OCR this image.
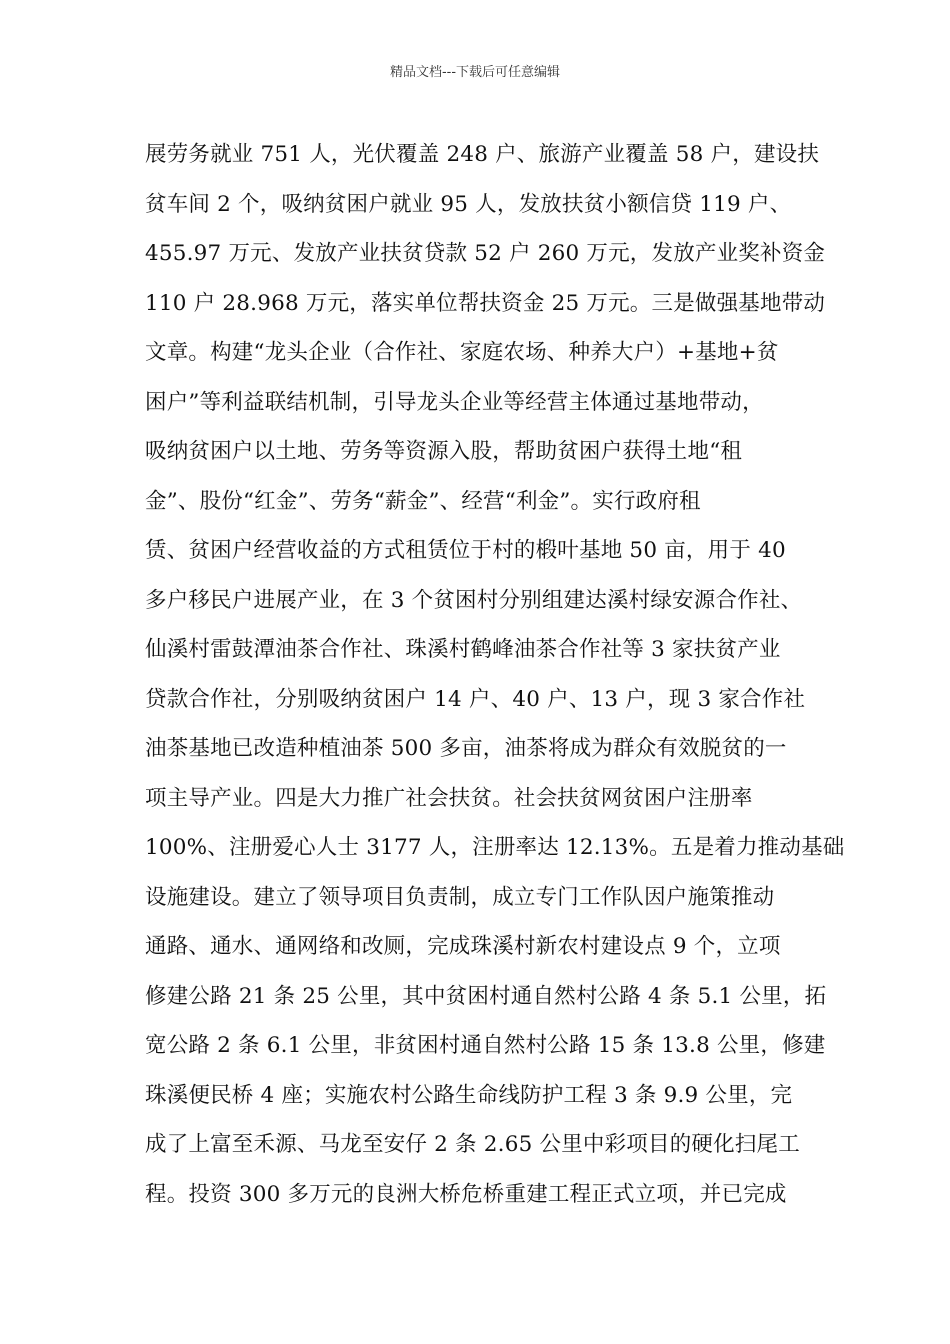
精品文档---下载后可任意编辑
展劳务就业 751 人，光伏覆盖 248 户、旅游产业覆盖 58 户，建设扶
贫车间 2 个，吸纳贫困户就业 95 人，发放扶贫小额信贷 119 户、
455.97 万元、发放产业扶贫贷款 52 户 260 万元，发放产业奖补资金
110 户 28.968 万元，落实单位帮扶资金 25 万元。三是做强基地带动
文章。构建“龙头企业（合作社、家庭农场、种养大户）+基地+贫
困户”等利益联结机制，引导龙头企业等经营主体通过基地带动，
吸纳贫困户以土地、劳务等资源入股，帮助贫困户获得土地“租
金”、股份“红金”、劳务“薪金”、经营“利金”。实行政府租
赁、贫困户经营收益的方式租赁位于村的椴叶基地 50 亩，用于 40
多户移民户进展产业，在 3 个贫困村分别组建达溪村绿安源合作社、
仙溪村雷鼓潭油茶合作社、珠溪村鹤峰油茶合作社等 3 家扶贫产业
贷款合作社，分别吸纳贫困户 14 户、40 户、13 户，现 3 家合作社
油茶基地已改造种植油茶 500 多亩，油茶将成为群众有效脱贫的一
项主导产业。四是大力推广社会扶贫。社会扶贫网贫困户注册率
100%、注册爱心人士 3177 人，注册率达 12.13%。五是着力推动基础
设施建设。建立了领导项目负责制，成立专门工作队因户施策推动
通路、通水、通网络和改厕，完成珠溪村新农村建设点 9 个，立项
修建公路 21 条 25 公里，其中贫困村通自然村公路 4 条 5.1 公里，拓
宽公路 2 条 6.1 公里，非贫困村通自然村公路 15 条 13.8 公里，修建
珠溪便民桥 4 座；实施农村公路生命线防护工程 3 条 9.9 公里，完
成了上富至禾源、马龙至安仔 2 条 2.65 公里中彩项目的硬化扫尾工
程。投资 300 多万元的良洲大桥危桥重建工程正式立项，并已完成
